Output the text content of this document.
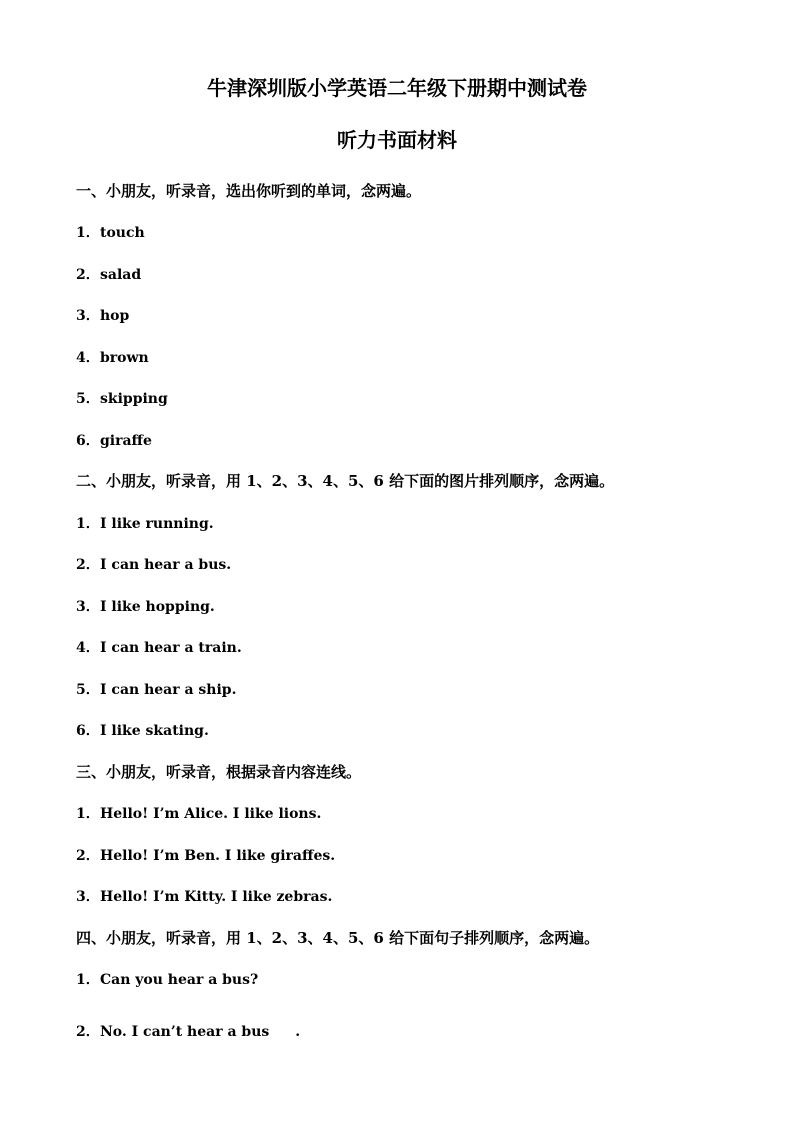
牛津深圳版小学英语二年级下册期中测试卷
听力书面材料
一、小朋友，听录音，选出你听到的单词，念两遍。
1．touch
2．salad
3．hop
4．brown
5．skipping
6．giraffe
二、小朋友，听录音，用 1、2、3、4、5、6 给下面的图片排列顺序，念两遍。
1．I like running.
2．I can hear a bus.
3．I like hopping.
4．I can hear a train.
5．I can hear a ship.
6．I like skating.
三、小朋友，听录音，根据录音内容连线。
1．Hello! I’m Alice. I like lions.
2．Hello! I’m Ben. I like giraffes.
3．Hello! I’m Kitty. I like zebras.
四、小朋友，听录音，用 1、2、3、4、5、6 给下面句子排列顺序，念两遍。
1．Can you hear a bus?
2．No. I can’t hear a bus .
